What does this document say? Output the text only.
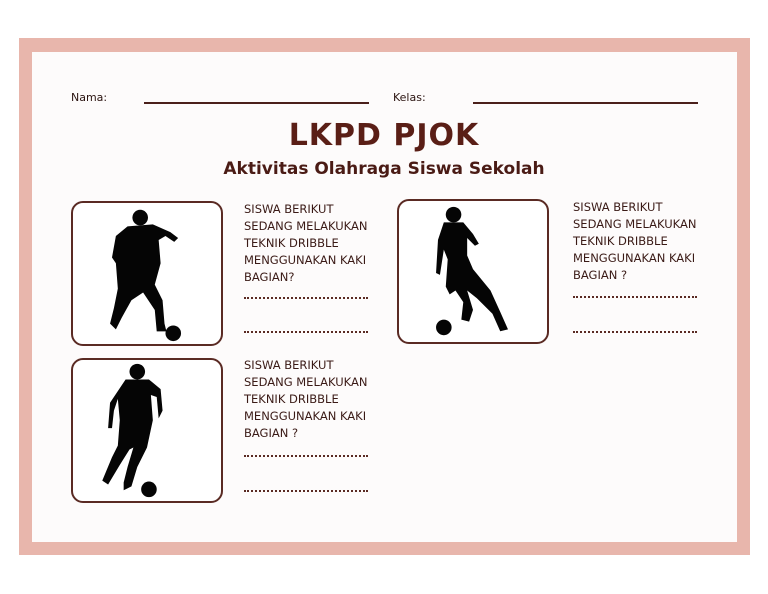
Nama:	Kelas:
LKPD PJOK
Aktivitas Olahraga Siswa Sekolah
SISWA BERIKUT SEDANG MELAKUKAN TEKNIK DRIBBLE MENGGUNAKAN KAKI BAGIAN?
SISWA BERIKUT SEDANG MELAKUKAN TEKNIK DRIBBLE MENGGUNAKAN KAKI BAGIAN ?
SISWA BERIKUT SEDANG MELAKUKAN TEKNIK DRIBBLE MENGGUNAKAN KAKI BAGIAN ?
